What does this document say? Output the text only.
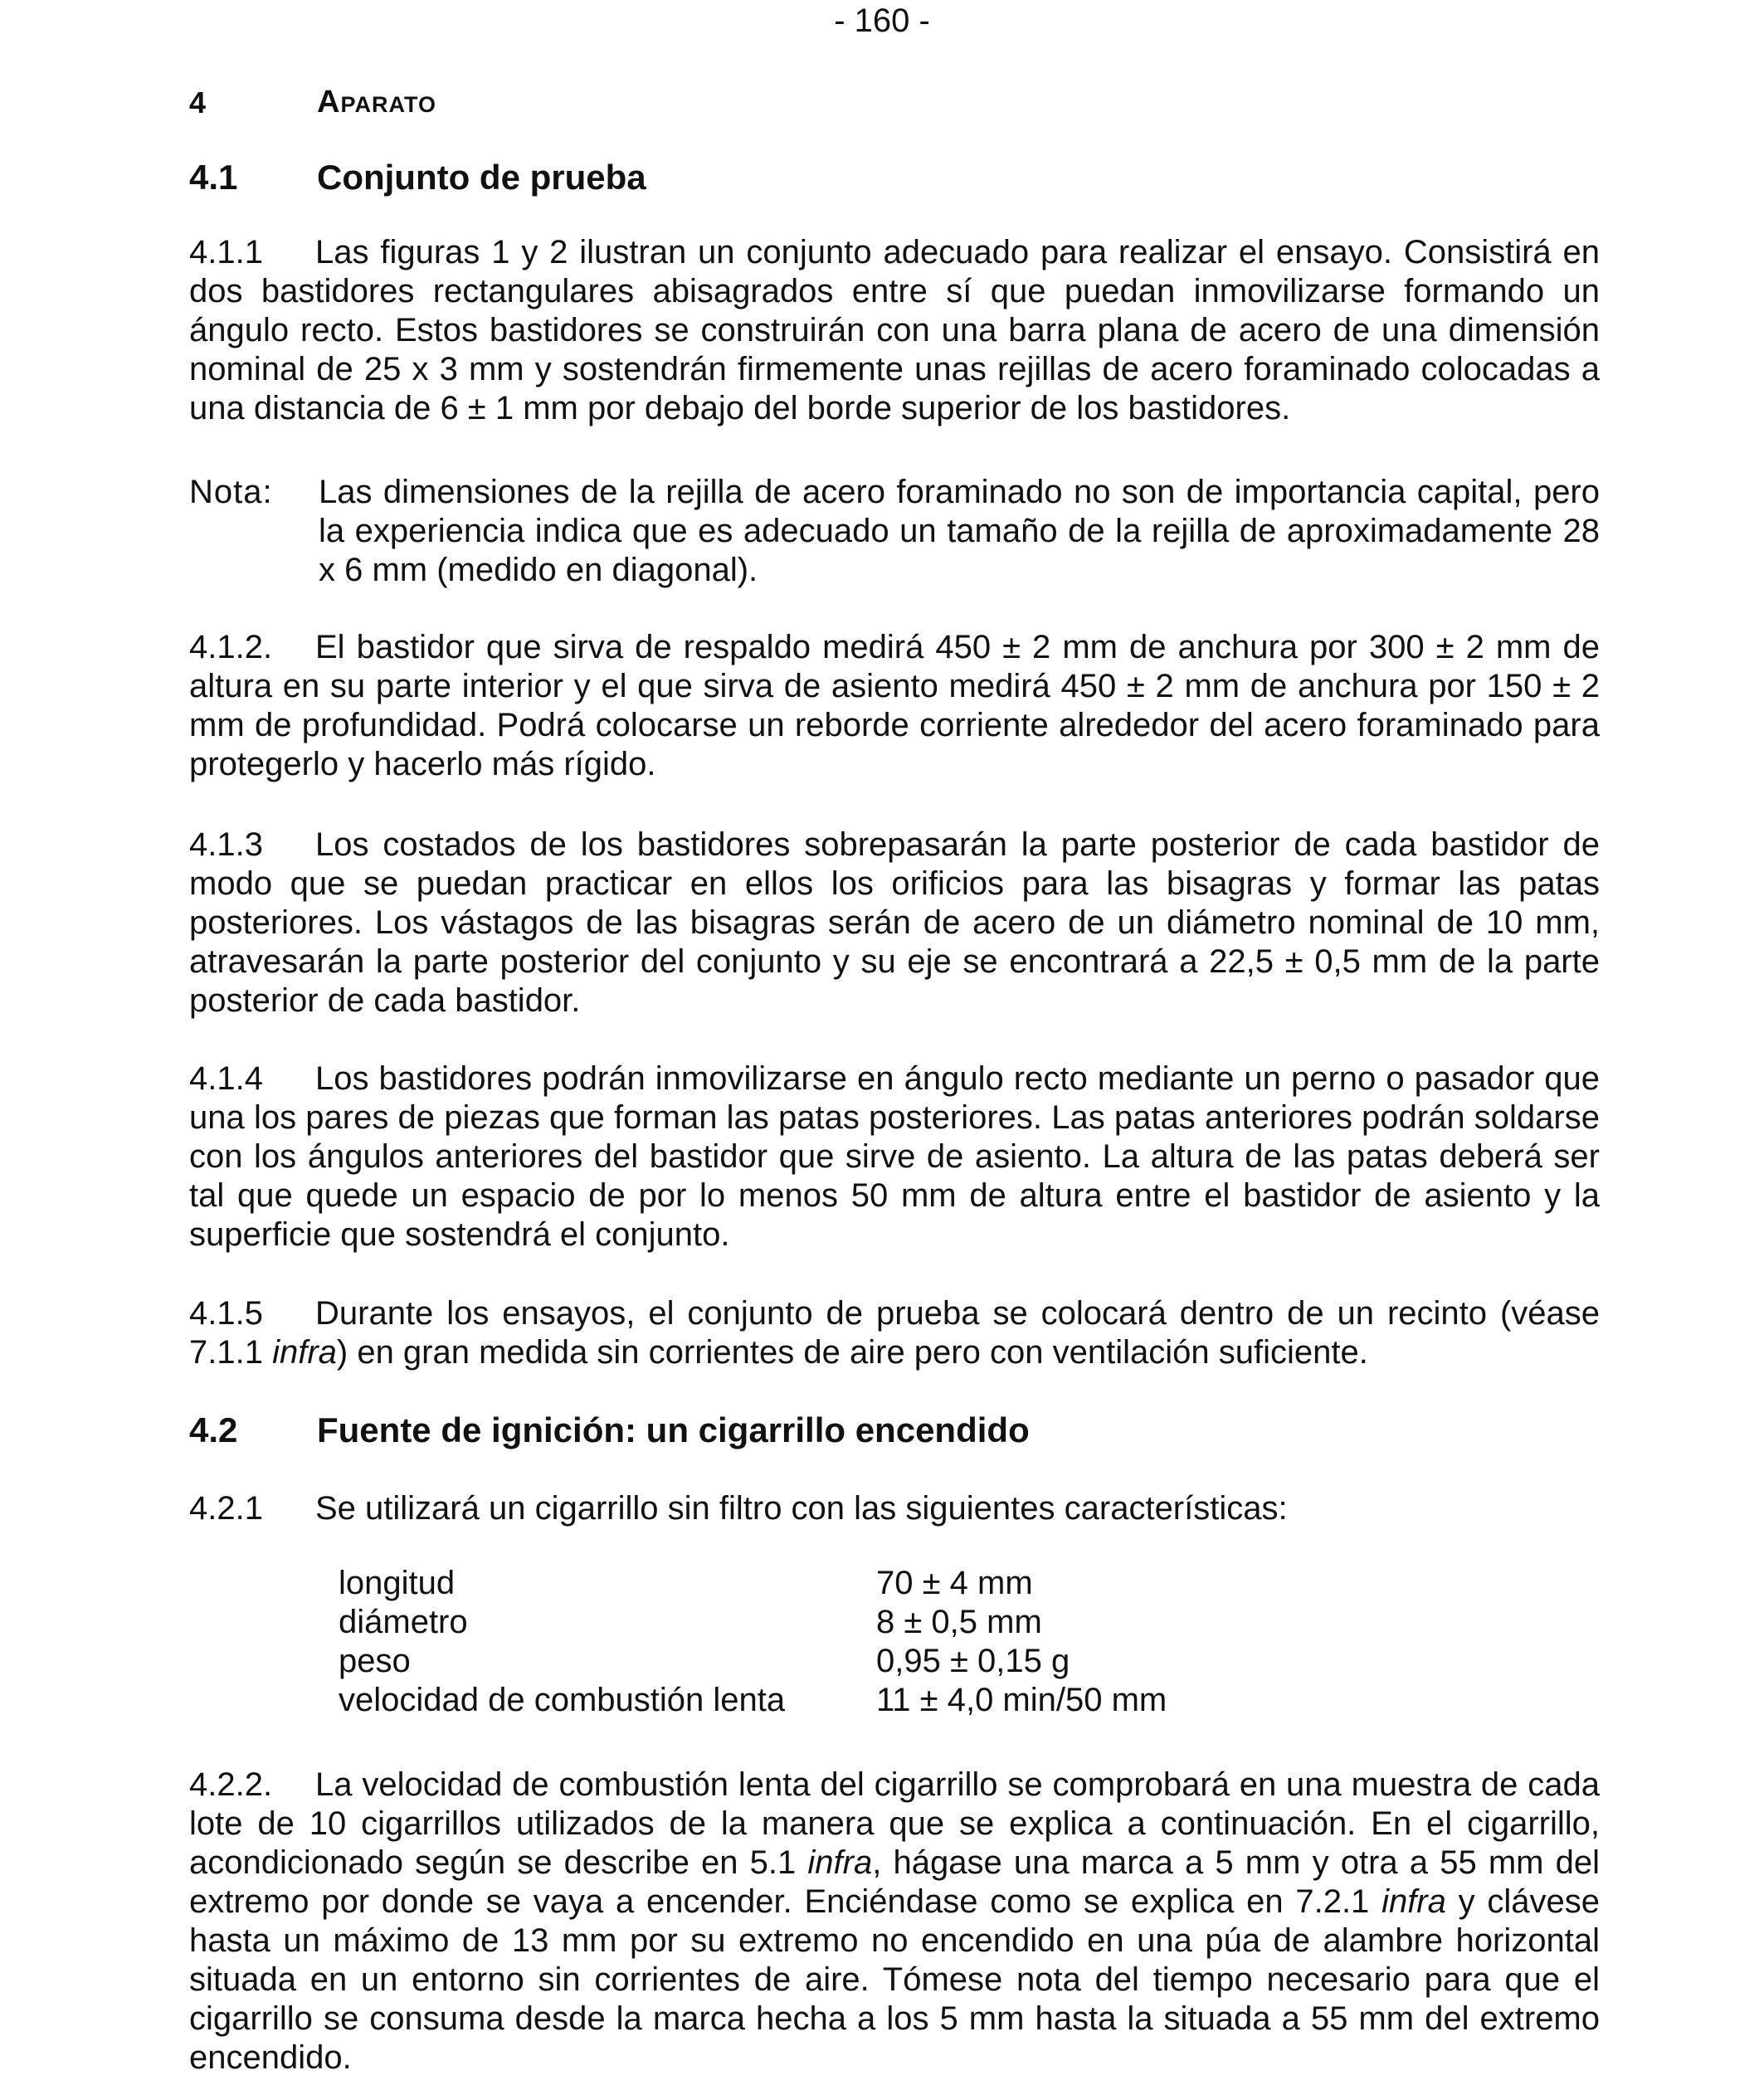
- 160 -
4	Aparato
4.1	Conjunto de prueba

4.1.1 Las figuras 1 y 2 ilustran un conjunto adecuado para realizar el ensayo. Consistirá en dos bastidores rectangulares abisagrados entre sí que puedan inmovilizarse formando un ángulo recto. Estos bastidores se construirán con una barra plana de acero de una dimensión nominal de 25 x 3 mm y sostendrán firmemente unas rejillas de acero foraminado colocadas a una distancia de 6 ± 1 mm por debajo del borde superior de los bastidores.

Nota:	Las dimensiones de la rejilla de acero foraminado no son de importancia capital, pero la experiencia indica que es adecuado un tamaño de la rejilla de aproximadamente 28 x 6 mm (medido en diagonal).

4.1.2. El bastidor que sirva de respaldo medirá 450 ± 2 mm de anchura por 300 ± 2 mm de altura en su parte interior y el que sirva de asiento medirá 450 ± 2 mm de anchura por 150 ± 2 mm de profundidad. Podrá colocarse un reborde corriente alrededor del acero foraminado para protegerlo y hacerlo más rígido.

4.1.3 Los costados de los bastidores sobrepasarán la parte posterior de cada bastidor de modo que se puedan practicar en ellos los orificios para las bisagras y formar las patas posteriores. Los vástagos de las bisagras serán de acero de un diámetro nominal de 10 mm, atravesarán la parte posterior del conjunto y su eje se encontrará a 22,5 ± 0,5 mm de la parte posterior de cada bastidor.

4.1.4 Los bastidores podrán inmovilizarse en ángulo recto mediante un perno o pasador que una los pares de piezas que forman las patas posteriores. Las patas anteriores podrán soldarse con los ángulos anteriores del bastidor que sirve de asiento. La altura de las patas deberá ser tal que quede un espacio de por lo menos 50 mm de altura entre el bastidor de asiento y la superficie que sostendrá el conjunto.

4.1.5 Durante los ensayos, el conjunto de prueba se colocará dentro de un recinto (véase 7.1.1 infra) en gran medida sin corrientes de aire pero con ventilación suficiente.

4.2	Fuente de ignición: un cigarrillo encendido

4.2.1 Se utilizará un cigarrillo sin filtro con las siguientes características:

longitud	70 ± 4 mm
diámetro	8 ± 0,5 mm
peso	0,95 ± 0,15 g
velocidad de combustión lenta	11 ± 4,0 min/50 mm

4.2.2. La velocidad de combustión lenta del cigarrillo se comprobará en una muestra de cada lote de 10 cigarrillos utilizados de la manera que se explica a continuación. En el cigarrillo, acondicionado según se describe en 5.1 infra, hágase una marca a 5 mm y otra a 55 mm del extremo por donde se vaya a encender. Enciéndase como se explica en 7.2.1 infra y clávese hasta un máximo de 13 mm por su extremo no encendido en una púa de alambre horizontal situada en un entorno sin corrientes de aire. Tómese nota del tiempo necesario para que el cigarrillo se consuma desde la marca hecha a los 5 mm hasta la situada a 55 mm del extremo encendido.
